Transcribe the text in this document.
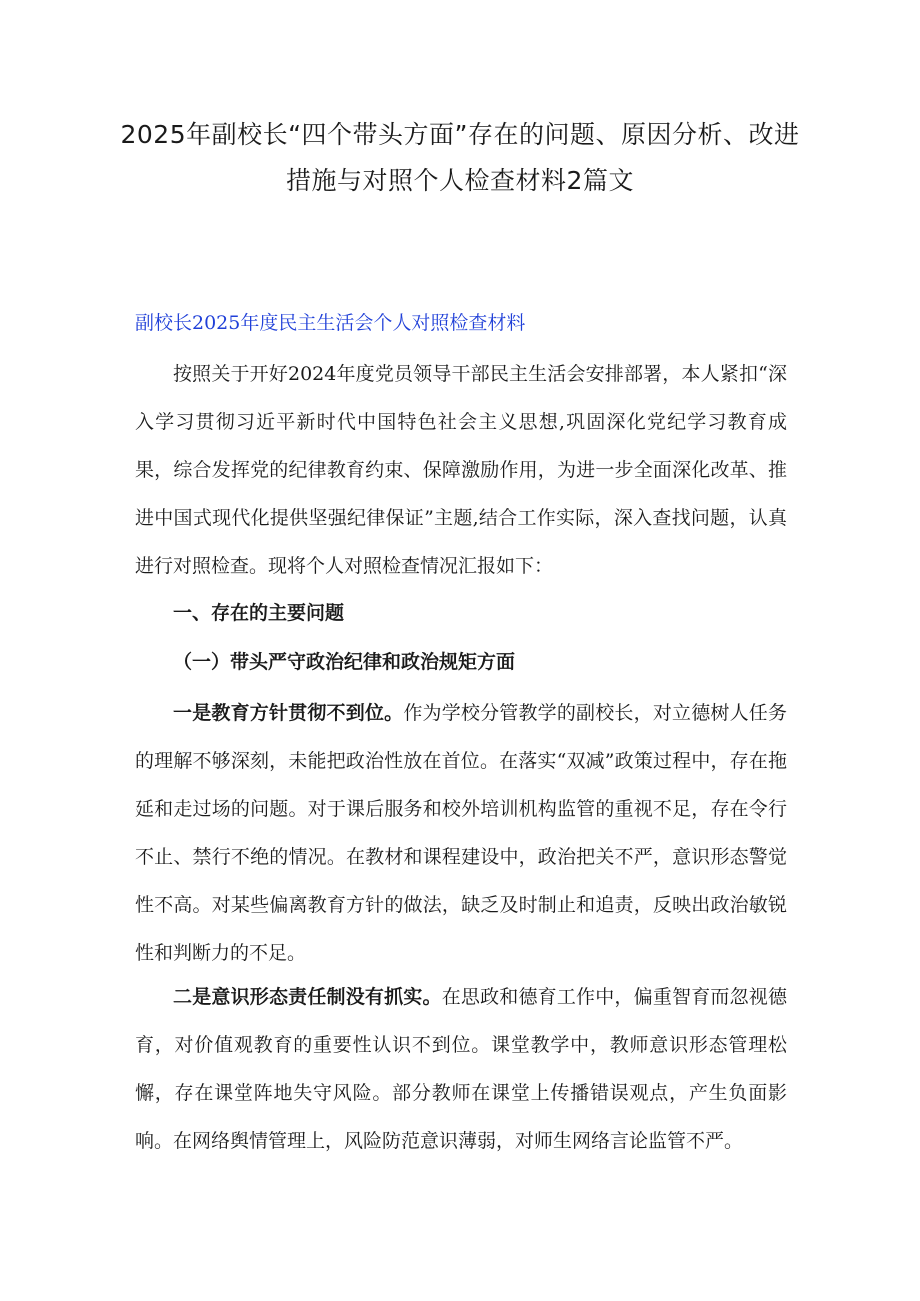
2025年副校长“四个带头方面”存在的问题、原因分析、改进措施与对照个人检查材料2篇文
副校长2025年度民主生活会个人对照检查材料

按照关于开好2024年度党员领导干部民主生活会安排部署，本人紧扣“深入学习贯彻习近平新时代中国特色社会主义思想,巩固深化党纪学习教育成果，综合发挥党的纪律教育约束、保障激励作用，为进一步全面深化改革、推进中国式现代化提供坚强纪律保证”主题,结合工作实际，深入查找问题，认真进行对照检查。现将个人对照检查情况汇报如下：

一、存在的主要问题
（一）带头严守政治纪律和政治规矩方面

一是教育方针贯彻不到位。作为学校分管教学的副校长，对立德树人任务的理解不够深刻，未能把政治性放在首位。在落实“双减”政策过程中，存在拖延和走过场的问题。对于课后服务和校外培训机构监管的重视不足，存在令行不止、禁行不绝的情况。在教材和课程建设中，政治把关不严，意识形态警觉性不高。对某些偏离教育方针的做法，缺乏及时制止和追责，反映出政治敏锐性和判断力的不足。

二是意识形态责任制没有抓实。在思政和德育工作中，偏重智育而忽视德育，对价值观教育的重要性认识不到位。课堂教学中，教师意识形态管理松懈，存在课堂阵地失守风险。部分教师在课堂上传播错误观点，产生负面影响。在网络舆情管理上，风险防范意识薄弱，对师生网络言论监管不严。
